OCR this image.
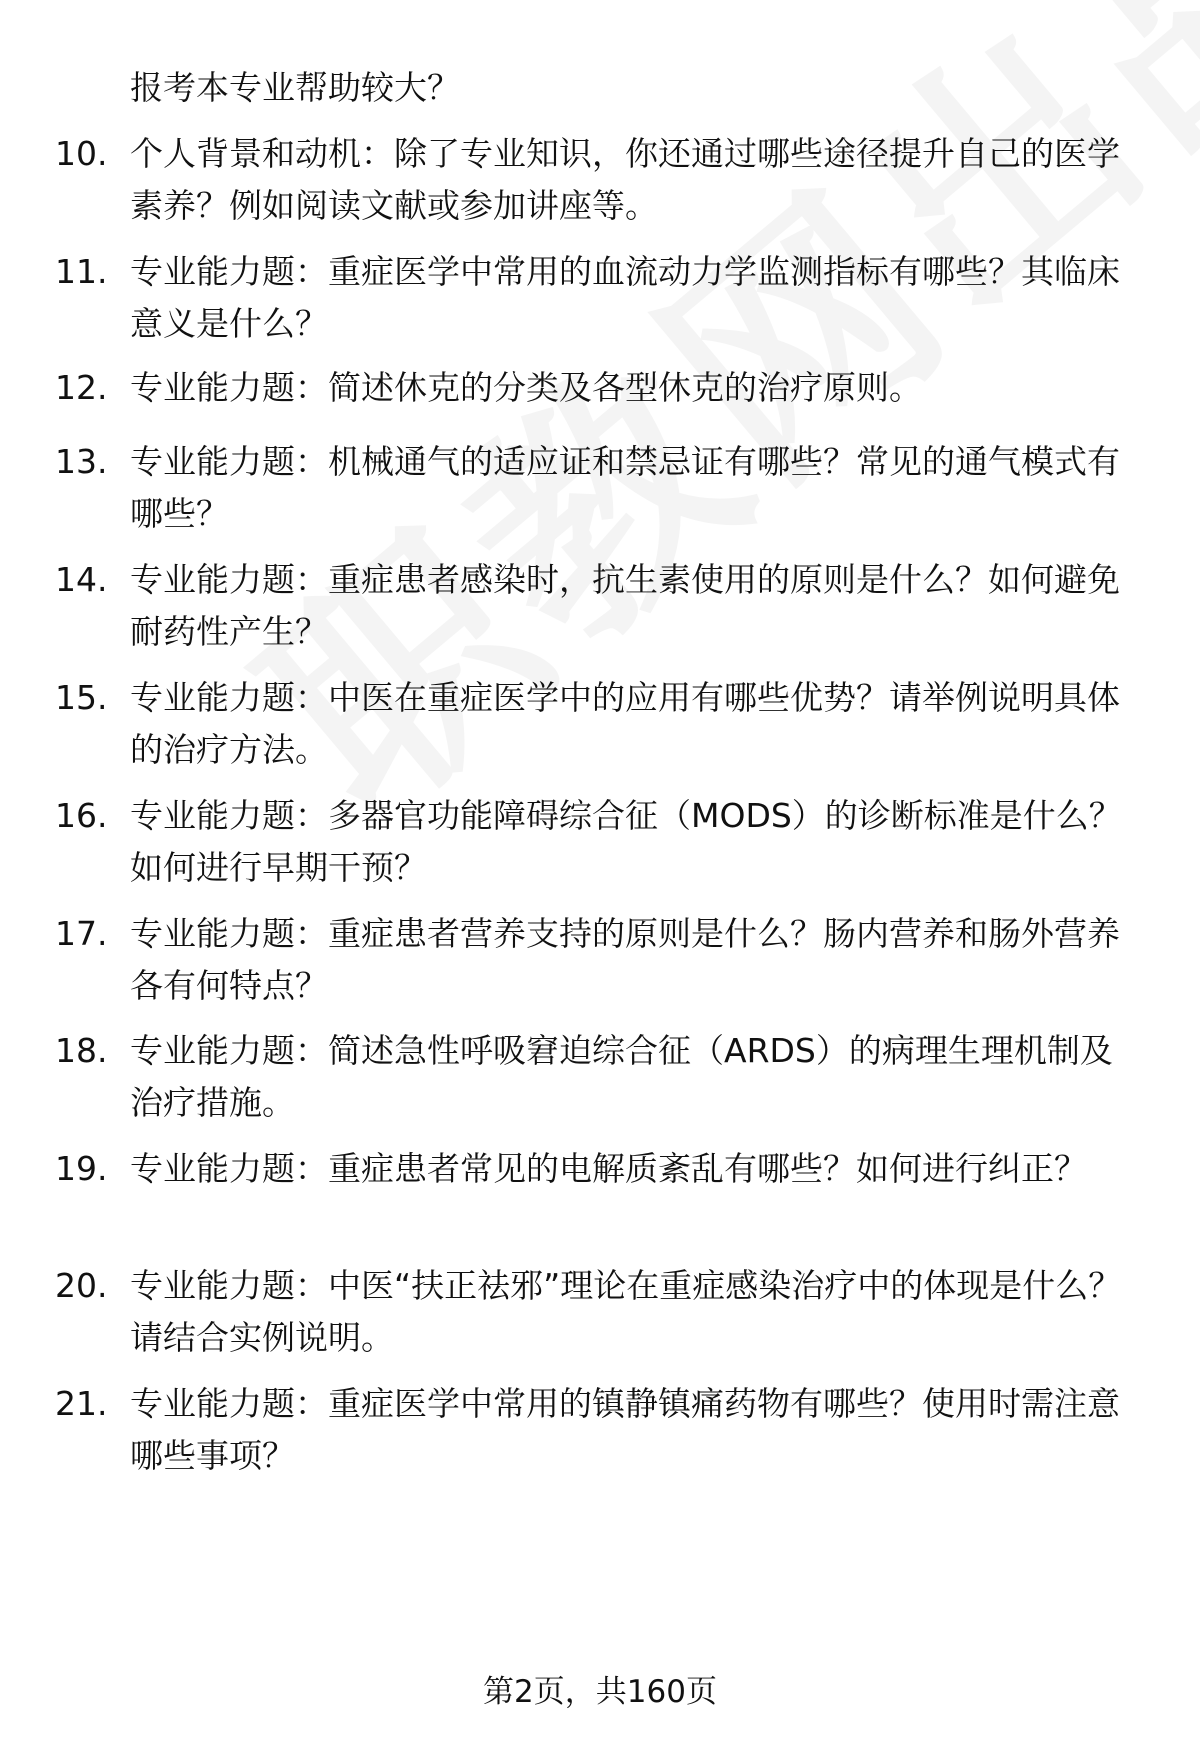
报考本专业帮助较大？

10. 个人背景和动机：除了专业知识，你还通过哪些途径提升自己的医学素养？例如阅读文献或参加讲座等。

11. 专业能力题：重症医学中常用的血流动力学监测指标有哪些？其临床意义是什么？

12. 专业能力题：简述休克的分类及各型休克的治疗原则。

13. 专业能力题：机械通气的适应证和禁忌证有哪些？常见的通气模式有哪些？

14. 专业能力题：重症患者感染时，抗生素使用的原则是什么？如何避免耐药性产生？

15. 专业能力题：中医在重症医学中的应用有哪些优势？请举例说明具体的治疗方法。

16. 专业能力题：多器官功能障碍综合征（MODS）的诊断标准是什么？如何进行早期干预？

17. 专业能力题：重症患者营养支持的原则是什么？肠内营养和肠外营养各有何特点？

18. 专业能力题：简述急性呼吸窘迫综合征（ARDS）的病理生理机制及治疗措施。

19. 专业能力题：重症患者常见的电解质紊乱有哪些？如何进行纠正？

20. 专业能力题：中医“扶正祛邪”理论在重症感染治疗中的体现是什么？请结合实例说明。

21. 专业能力题：重症医学中常用的镇静镇痛药物有哪些？使用时需注意哪些事项？

第2页，共160页
